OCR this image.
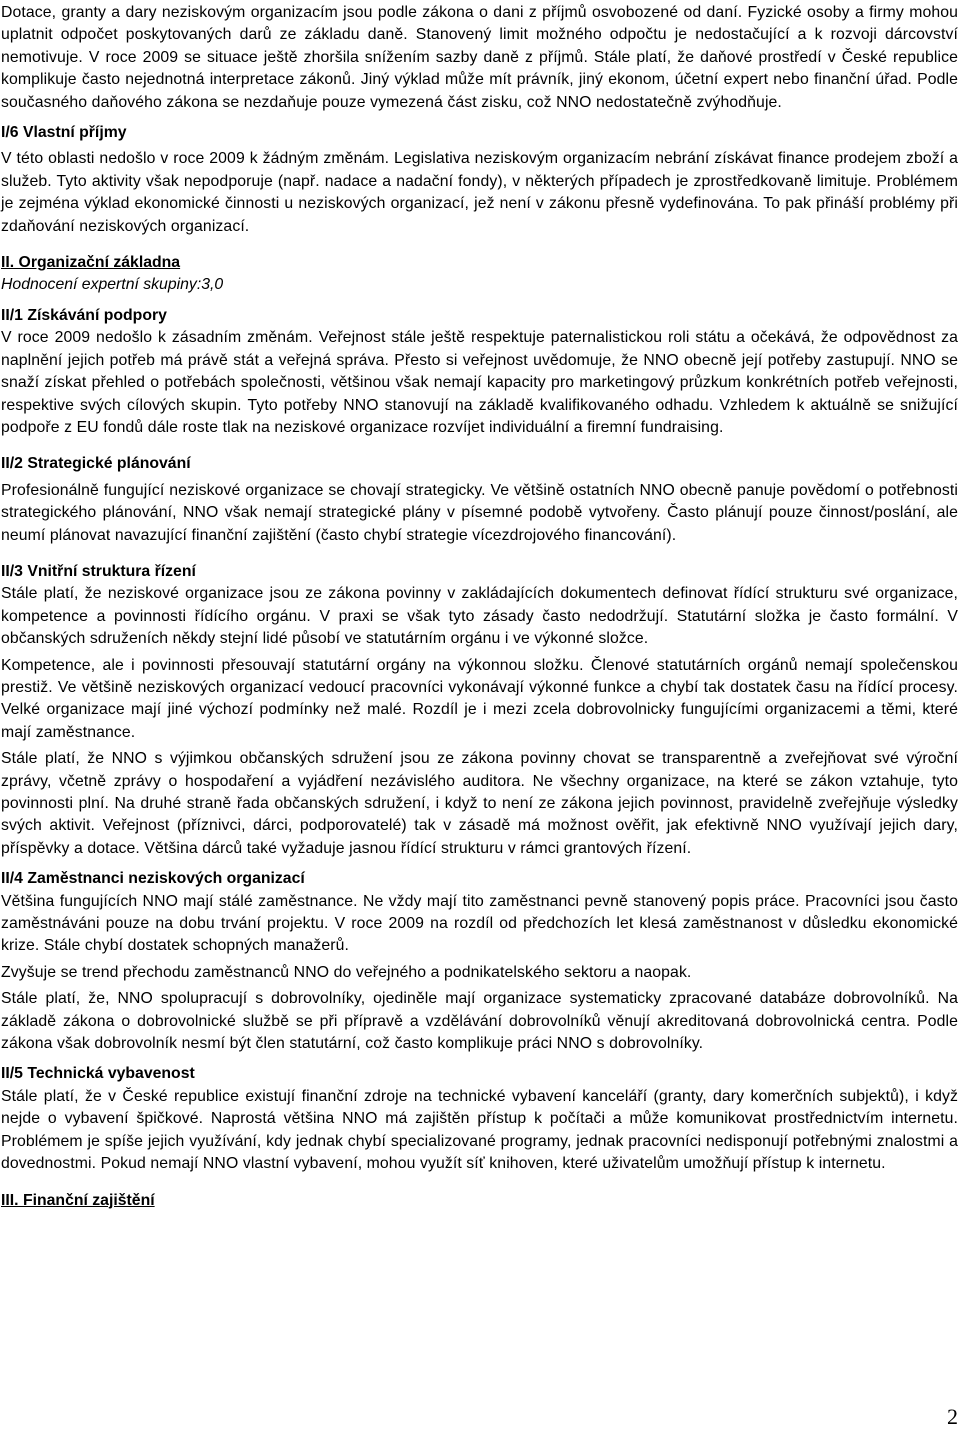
Dotace, granty a dary neziskovým organizacím jsou podle zákona o dani z příjmů osvobozené od daní. Fyzické osoby a firmy mohou uplatnit odpočet poskytovaných darů ze základu daně. Stanovený limit možného odpočtu je nedostačující a k rozvoji dárcovství nemotivuje. V roce 2009 se situace ještě zhoršila snížením sazby daně z příjmů. Stále platí, že daňové prostředí v České republice komplikuje často nejednotná interpretace zákonů. Jiný výklad může mít právník, jiný ekonom, účetní expert nebo finanční úřad. Podle současného daňového zákona se nezdaňuje pouze vymezená část zisku, což NNO nedostatečně zvýhodňuje.

I/6 Vlastní příjmy

V této oblasti nedošlo v roce 2009 k žádným změnám. Legislativa neziskovým organizacím nebrání získávat finance prodejem zboží a služeb. Tyto aktivity však nepodporuje (např. nadace a nadační fondy), v některých případech je zprostředkovaně limituje. Problémem je zejména výklad ekonomické činnosti u neziskových organizací, jež není v zákonu přesně vydefinována. To pak přináší problémy při zdaňování neziskových organizací.

II. Organizační základna
Hodnocení expertní skupiny:3,0
II/1 Získávání podpory

V roce 2009 nedošlo k zásadním změnám. Veřejnost stále ještě respektuje paternalistickou roli státu a očekává, že odpovědnost za naplnění jejich potřeb má právě stát a veřejná správa. Přesto si veřejnost uvědomuje, že NNO obecně její potřeby zastupují. NNO se snaží získat přehled o potřebách společnosti, většinou však nemají kapacity pro marketingový průzkum konkrétních potřeb veřejnosti, respektive svých cílových skupin. Tyto potřeby NNO stanovují na základě kvalifikovaného odhadu. Vzhledem k aktuálně se snižující podpoře z EU fondů dále roste tlak na neziskové organizace rozvíjet individuální a firemní fundraising.

II/2 Strategické plánování

Profesionálně fungující neziskové organizace se chovají strategicky. Ve většině ostatních NNO obecně panuje povědomí o potřebnosti strategického plánování, NNO však nemají strategické plány v písemné podobě vytvořeny. Často plánují pouze činnost/poslání, ale neumí plánovat navazující finanční zajištění (často chybí strategie vícezdrojového financování).

II/3 Vnitřní struktura řízení

Stále platí, že neziskové organizace jsou ze zákona povinny v zakládajících dokumentech definovat řídící strukturu své organizace, kompetence a povinnosti řídícího orgánu. V praxi se však tyto zásady často nedodržují. Statutární složka je často formální. V občanských sdruženích někdy stejní lidé působí ve statutárním orgánu i ve výkonné složce.

Kompetence, ale i povinnosti přesouvají statutární orgány na výkonnou složku. Členové statutárních orgánů nemají společenskou prestiž. Ve většině neziskových organizací vedoucí pracovníci vykonávají výkonné funkce a chybí tak dostatek času na řídící procesy. Velké organizace mají jiné výchozí podmínky než malé. Rozdíl je i mezi zcela dobrovolnicky fungujícími organizacemi a těmi, které mají zaměstnance.

Stále platí, že NNO s výjimkou občanských sdružení jsou ze zákona povinny chovat se transparentně a zveřejňovat své výroční zprávy, včetně zprávy o hospodaření a vyjádření nezávislého auditora. Ne všechny organizace, na které se zákon vztahuje, tyto povinnosti plní. Na druhé straně řada občanských sdružení, i když to není ze zákona jejich povinnost, pravidelně zveřejňuje výsledky svých aktivit. Veřejnost (příznivci, dárci, podporovatelé) tak v zásadě má možnost ověřit, jak efektivně NNO využívají jejich dary, příspěvky a dotace. Většina dárců také vyžaduje jasnou řídící strukturu v rámci grantových řízení.

II/4 Zaměstnanci neziskových organizací

Většina fungujících NNO mají stálé zaměstnance. Ne vždy mají tito zaměstnanci pevně stanovený popis práce. Pracovníci jsou často zaměstnáváni pouze na dobu trvání projektu. V roce 2009 na rozdíl od předchozích let klesá zaměstnanost v důsledku ekonomické krize. Stále chybí dostatek schopných manažerů.

Zvyšuje se trend přechodu zaměstnanců NNO do veřejného a podnikatelského sektoru a naopak.

Stále platí, že, NNO spolupracují s dobrovolníky, ojediněle mají organizace systematicky zpracované databáze dobrovolníků. Na základě zákona o dobrovolnické službě se při přípravě a vzdělávání dobrovolníků věnují akreditovaná dobrovolnická centra. Podle zákona však dobrovolník nesmí být člen statutární, což často komplikuje práci NNO s dobrovolníky.

II/5 Technická vybavenost

Stále platí, že v České republice existují finanční zdroje na technické vybavení kanceláří (granty, dary komerčních subjektů), i když nejde o vybavení špičkové. Naprostá většina NNO má zajištěn přístup k počítači a může komunikovat prostřednictvím internetu. Problémem je spíše jejich využívání, kdy jednak chybí specializované programy, jednak pracovníci nedisponují potřebnými znalostmi a dovednostmi. Pokud nemají NNO vlastní vybavení, mohou využít síť knihoven, které uživatelům umožňují přístup k internetu.

III. Finanční zajištění
2
